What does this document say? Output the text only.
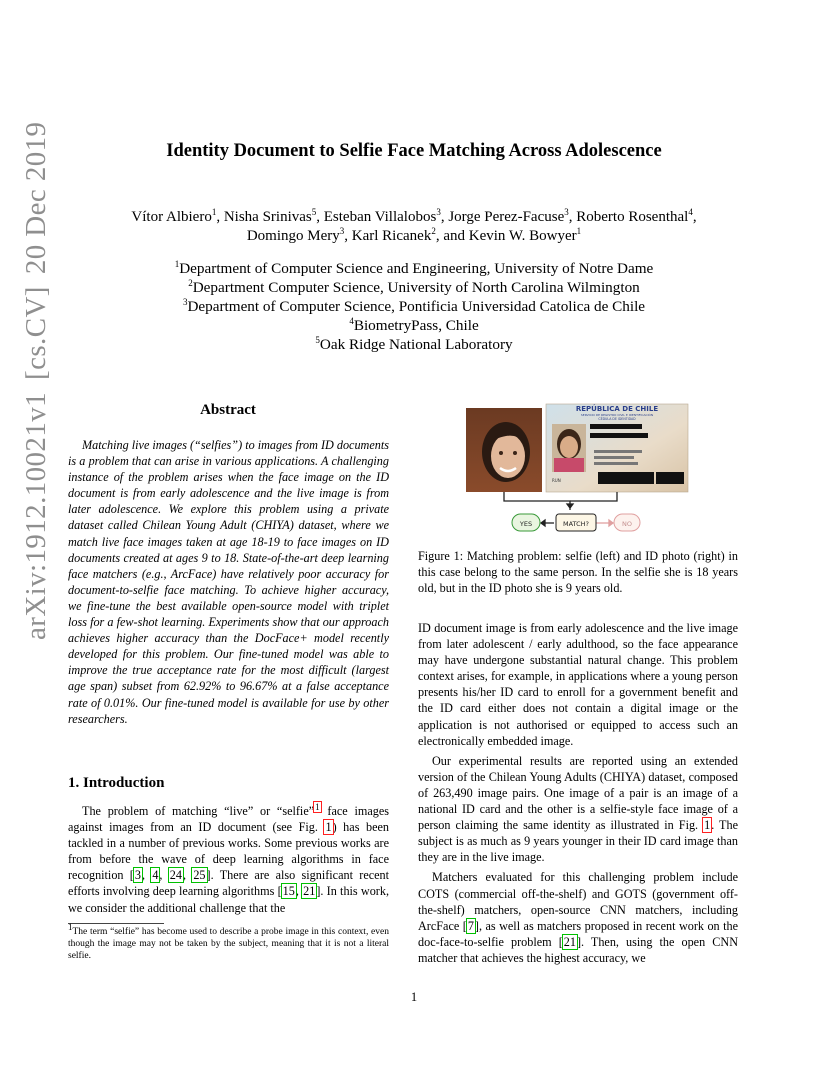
arXiv:1912.10021v1
[cs.CV]
20 Dec 2019	Identity Document to Selfie Face Matching Across Adolescence
Vítor Albiero$^1$, Nisha Srinivas$^5$, Esteban Villalobos$^3$, Jorge Perez-Facuse$^3$, Roberto Rosenthal$^4$,
Domingo Mery$^3$, Karl Ricanek$^2$, and Kevin W. Bowyer$^1$
$^1$Department of Computer Science and Engineering, University of Notre Dame
$^2$Department Computer Science, University of North Carolina Wilmington
$^3$Department of Computer Science, Pontificia Universidad Catolica de Chile
$^4$BiometryPass, Chile
$^5$Oak Ridge National Laboratory
Abstract

Matching live images (“selfies”) to images from ID documents is a problem that can arise in various applications. A challenging instance of the problem arises when the face image on the ID document is from early adolescence and the live image is from later adolescence. We explore this problem using a private dataset called Chilean Young Adult (CHIYA) dataset, where we match live face images taken at age 18-19 to face images on ID documents created at ages 9 to 18. State-of-the-art deep learning face matchers (e.g., ArcFace) have relatively poor accuracy for document-to-selfie face matching. To achieve higher accuracy, we fine-tune the best available open-source model with triplet loss for a few-shot learning. Experiments show that our approach achieves higher accuracy than the DocFace+ model recently developed for this problem. Our fine-tuned model was able to improve the true acceptance rate for the most difficult (largest age span) subset from 62.92% to 96.67% at a false acceptance rate of 0.01%. Our fine-tuned model is available for use by other researchers.

1. Introduction

The problem of matching “live” or “selfie”$^1$ face images against images from an ID document (see Fig. 1) has been tackled in a number of previous works. Some previous works are from before the wave of deep learning algorithms in face recognition [3, 4, 24, 25]. There are also significant recent efforts involving deep learning algorithms [15, 21]. In this work, we consider the additional challenge that the

$^1$The term “selfie” has become used to describe a probe image in this context, even though the image may not be taken by the subject, meaning that it is not a literal selfie.
REPÚBLICA DE CHILE
SERVICIO DE REGISTRO CIVIL E IDENTIFICACIÓN
CÉDULA DE IDENTIDAD
RUN
YES	MATCH?	NO
Figure 1: Matching problem: selfie (left) and ID photo (right) in this case belong to the same person. In the selfie she is 18 years old, but in the ID photo she is 9 years old.

ID document image is from early adolescence and the live image from later adolescent / early adulthood, so the face appearance may have undergone substantial natural change. This problem context arises, for example, in applications where a young person presents his/her ID card to enroll for a government benefit and the ID card either does not contain a digital image or the application is not authorised or equipped to access such an electronically embedded image.

Our experimental results are reported using an extended version of the Chilean Young Adults (CHIYA) dataset, composed of 263,490 image pairs. One image of a pair is an image of a national ID card and the other is a selfie-style face image of a person claiming the same identity as illustrated in Fig. 1. The subject is as much as 9 years younger in their ID card image than they are in the live image.

Matchers evaluated for this challenging problem include COTS (commercial off-the-shelf) and GOTS (government off-the-shelf) matchers, open-source CNN matchers, including ArcFace [7], as well as matchers proposed in recent work on the doc-face-to-selfie problem [21]. Then, using the open CNN matcher that achieves the highest accuracy, we

1
